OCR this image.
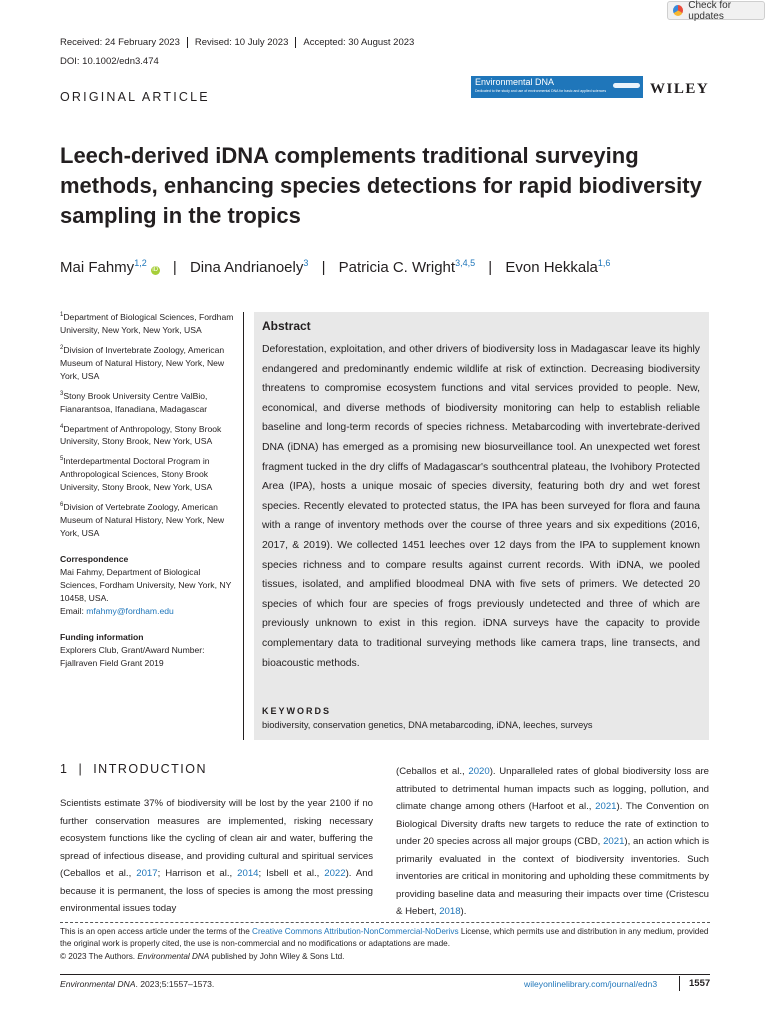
Check for updates
Received: 24 February 2023	Revised: 10 July 2023	Accepted: 30 August 2023
DOI: 10.1002/edn3.474
ORIGINAL ARTICLE
Environmental DNA
Dedicated to the study and use of environmental DNA for basic and applied sciences	WILEY
Leech-derived iDNA complements traditional surveying methods, enhancing species detections for rapid biodiversity sampling in the tropics
Mai Fahmy$^{1,2}$iD | Dina Andrianoely$^3$ | Patricia C. Wright$^{3,4,5}$ | Evon Hekkala$^{1,6}$
$^1$Department of Biological Sciences, Fordham University, New York, New York, USA
$^2$Division of Invertebrate Zoology, American Museum of Natural History, New York, New York, USA
$^3$Stony Brook University Centre ValBio, Fianarantsoa, Ifanadiana, Madagascar
$^4$Department of Anthropology, Stony Brook University, Stony Brook, New York, USA
$^5$Interdepartmental Doctoral Program in Anthropological Sciences, Stony Brook University, Stony Brook, New York, USA
$^6$Division of Vertebrate Zoology, American Museum of Natural History, New York, New York, USA
Correspondence
Mai Fahmy, Department of Biological Sciences, Fordham University, New York, NY 10458, USA.
Email: mfahmy@fordham.edu
Funding information
Explorers Club, Grant/Award Number: Fjallraven Field Grant 2019
Abstract
Deforestation, exploitation, and other drivers of biodiversity loss in Madagascar leave its highly endangered and predominantly endemic wildlife at risk of extinction. Decreasing biodiversity threatens to compromise ecosystem functions and vital services provided to people. New, economical, and diverse methods of biodiversity monitoring can help to establish reliable baseline and long-term records of species richness. Metabarcoding with invertebrate-derived DNA (iDNA) has emerged as a promising new biosurveillance tool. An unexpected wet forest fragment tucked in the dry cliffs of Madagascar's southcentral plateau, the Ivohibory Protected Area (IPA), hosts a unique mosaic of species diversity, featuring both dry and wet forest species. Recently elevated to protected status, the IPA has been surveyed for flora and fauna with a range of inventory methods over the course of three years and six expeditions (2016, 2017, & 2019). We collected 1451 leeches over 12 days from the IPA to supplement known species richness and to compare results against current records. With iDNA, we pooled tissues, isolated, and amplified bloodmeal DNA with five sets of primers. We detected 20 species of which four are species of frogs previously undetected and three of which are previously unknown to exist in this region. iDNA surveys have the capacity to provide complementary data to traditional surveying methods like camera traps, line transects, and bioacoustic methods.
KEYWORDS
biodiversity, conservation genetics, DNA metabarcoding, iDNA, leeches, surveys
1 | INTRODUCTION
Scientists estimate 37% of biodiversity will be lost by the year 2100 if no further conservation measures are implemented, risking necessary ecosystem functions like the cycling of clean air and water, buffering the spread of infectious disease, and providing cultural and spiritual services (Ceballos et al., 2017; Harrison et al., 2014; Isbell et al., 2022). And because it is permanent, the loss of species is among the most pressing environmental issues today
(Ceballos et al., 2020). Unparalleled rates of global biodiversity loss are attributed to detrimental human impacts such as logging, pollution, and climate change among others (Harfoot et al., 2021). The Convention on Biological Diversity drafts new targets to reduce the rate of extinction to under 20 species across all major groups (CBD, 2021), an action which is primarily evaluated in the context of biodiversity inventories. Such inventories are critical in monitoring and upholding these commitments by providing baseline data and measuring their impacts over time (Cristescu & Hebert, 2018).
This is an open access article under the terms of the Creative Commons Attribution-NonCommercial-NoDerivs License, which permits use and distribution in any medium, provided the original work is properly cited, the use is non-commercial and no modifications or adaptations are made.
© 2023 The Authors. Environmental DNA published by John Wiley & Sons Ltd.
Environmental DNA. 2023;5:1557–1573.	wileyonlinelibrary.com/journal/edn3	1557
